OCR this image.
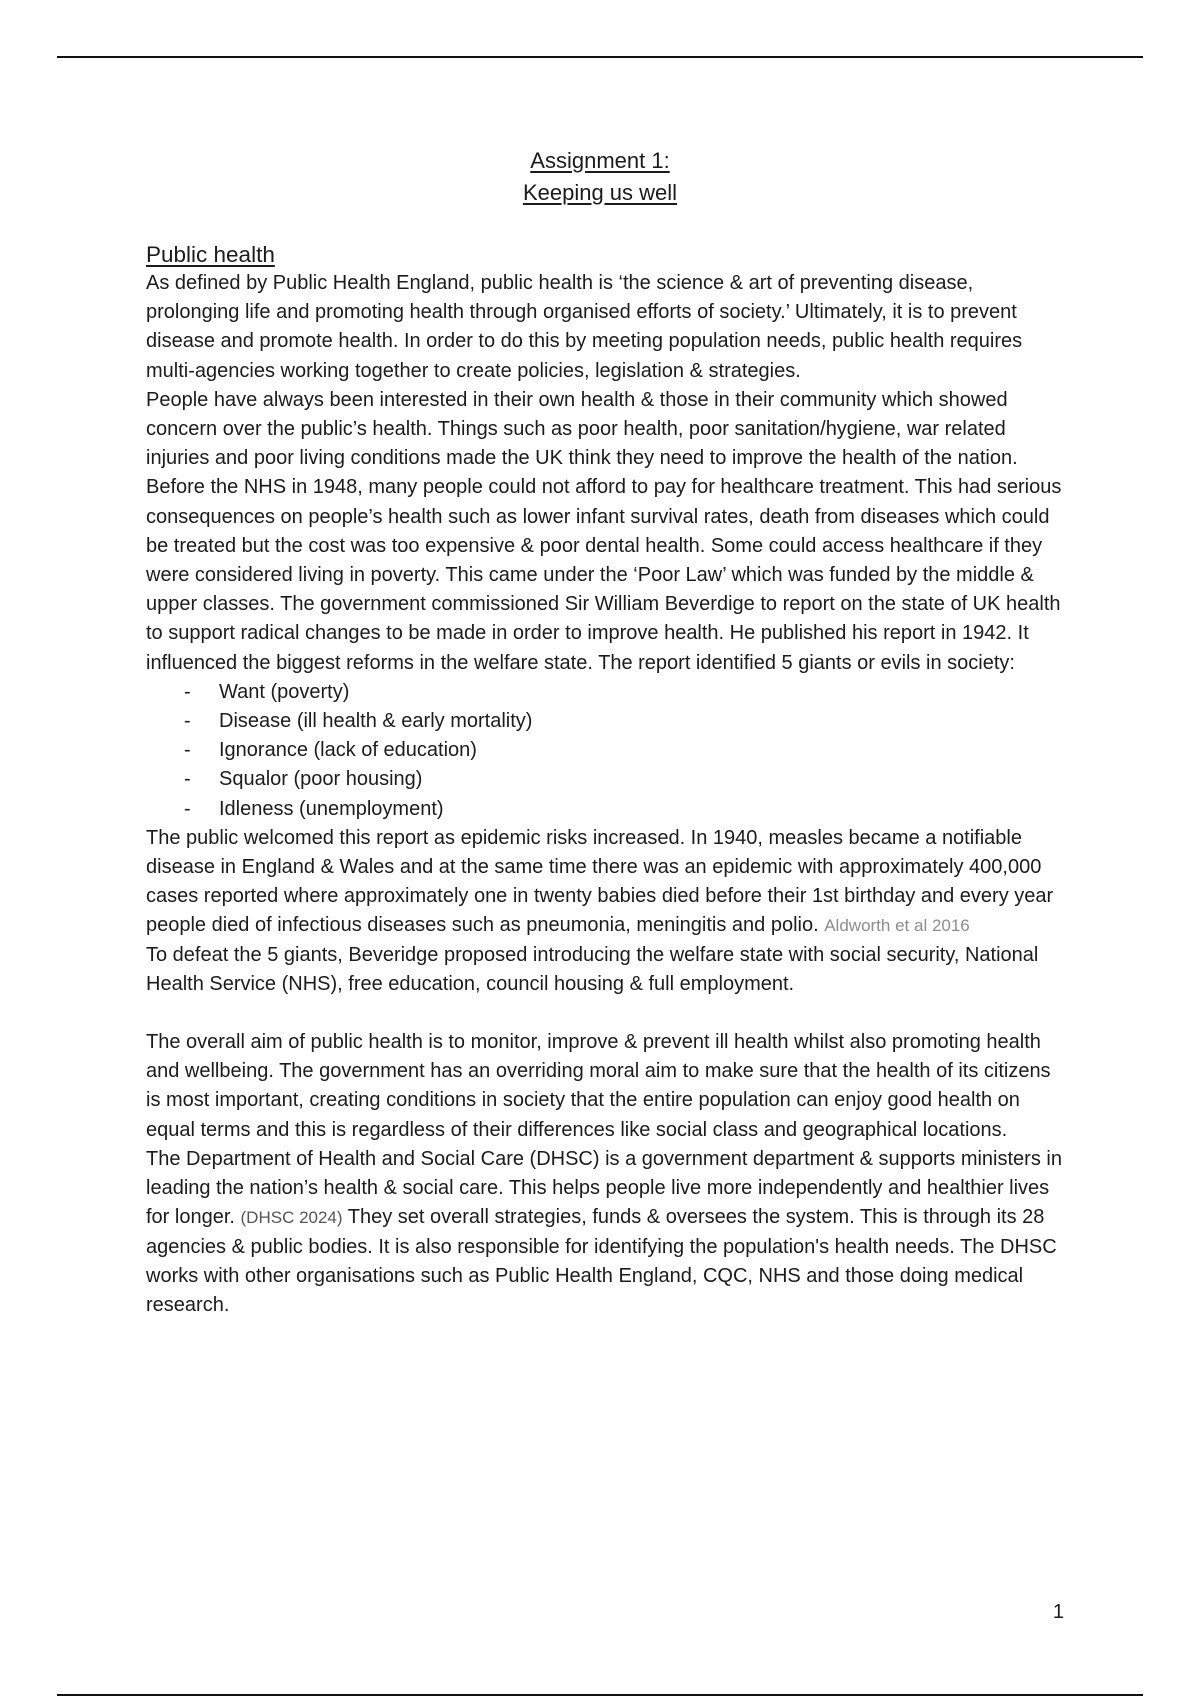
Assignment 1:
Keeping us well
Public health

As defined by Public Health England, public health is ‘the science & art of preventing disease, prolonging life and promoting health through organised efforts of society.’ Ultimately, it is to prevent disease and promote health. In order to do this by meeting population needs, public health requires multi-agencies working together to create policies, legislation & strategies.

People have always been interested in their own health & those in their community which showed concern over the public’s health. Things such as poor health, poor sanitation/hygiene, war related injuries and poor living conditions made the UK think they need to improve the health of the nation. Before the NHS in 1948, many people could not afford to pay for healthcare treatment. This had serious consequences on people’s health such as lower infant survival rates, death from diseases which could be treated but the cost was too expensive & poor dental health. Some could access healthcare if they were considered living in poverty. This came under the ‘Poor Law’ which was funded by the middle & upper classes. The government commissioned Sir William Beverdige to report on the state of UK health to support radical changes to be made in order to improve health. He published his report in 1942. It influenced the biggest reforms in the welfare state. The report identified 5 giants or evils in society:

- Want (poverty)
- Disease (ill health & early mortality)
- Ignorance (lack of education)
- Squalor (poor housing)
- Idleness (unemployment)

The public welcomed this report as epidemic risks increased. In 1940, measles became a notifiable disease in England & Wales and at the same time there was an epidemic with approximately 400,000 cases reported where approximately one in twenty babies died before their 1st birthday and every year people died of infectious diseases such as pneumonia, meningitis and polio. Aldworth et al 2016

To defeat the 5 giants, Beveridge proposed introducing the welfare state with social security, National Health Service (NHS), free education, council housing & full employment.

The overall aim of public health is to monitor, improve & prevent ill health whilst also promoting health and wellbeing. The government has an overriding moral aim to make sure that the health of its citizens is most important, creating conditions in society that the entire population can enjoy good health on equal terms and this is regardless of their differences like social class and geographical locations.

The Department of Health and Social Care (DHSC) is a government department & supports ministers in leading the nation’s health & social care. This helps people live more independently and healthier lives for longer. (DHSC 2024) They set overall strategies, funds & oversees the system. This is through its 28 agencies & public bodies. It is also responsible for identifying the population's health needs. The DHSC works with other organisations such as Public Health England, CQC, NHS and those doing medical research.

1
